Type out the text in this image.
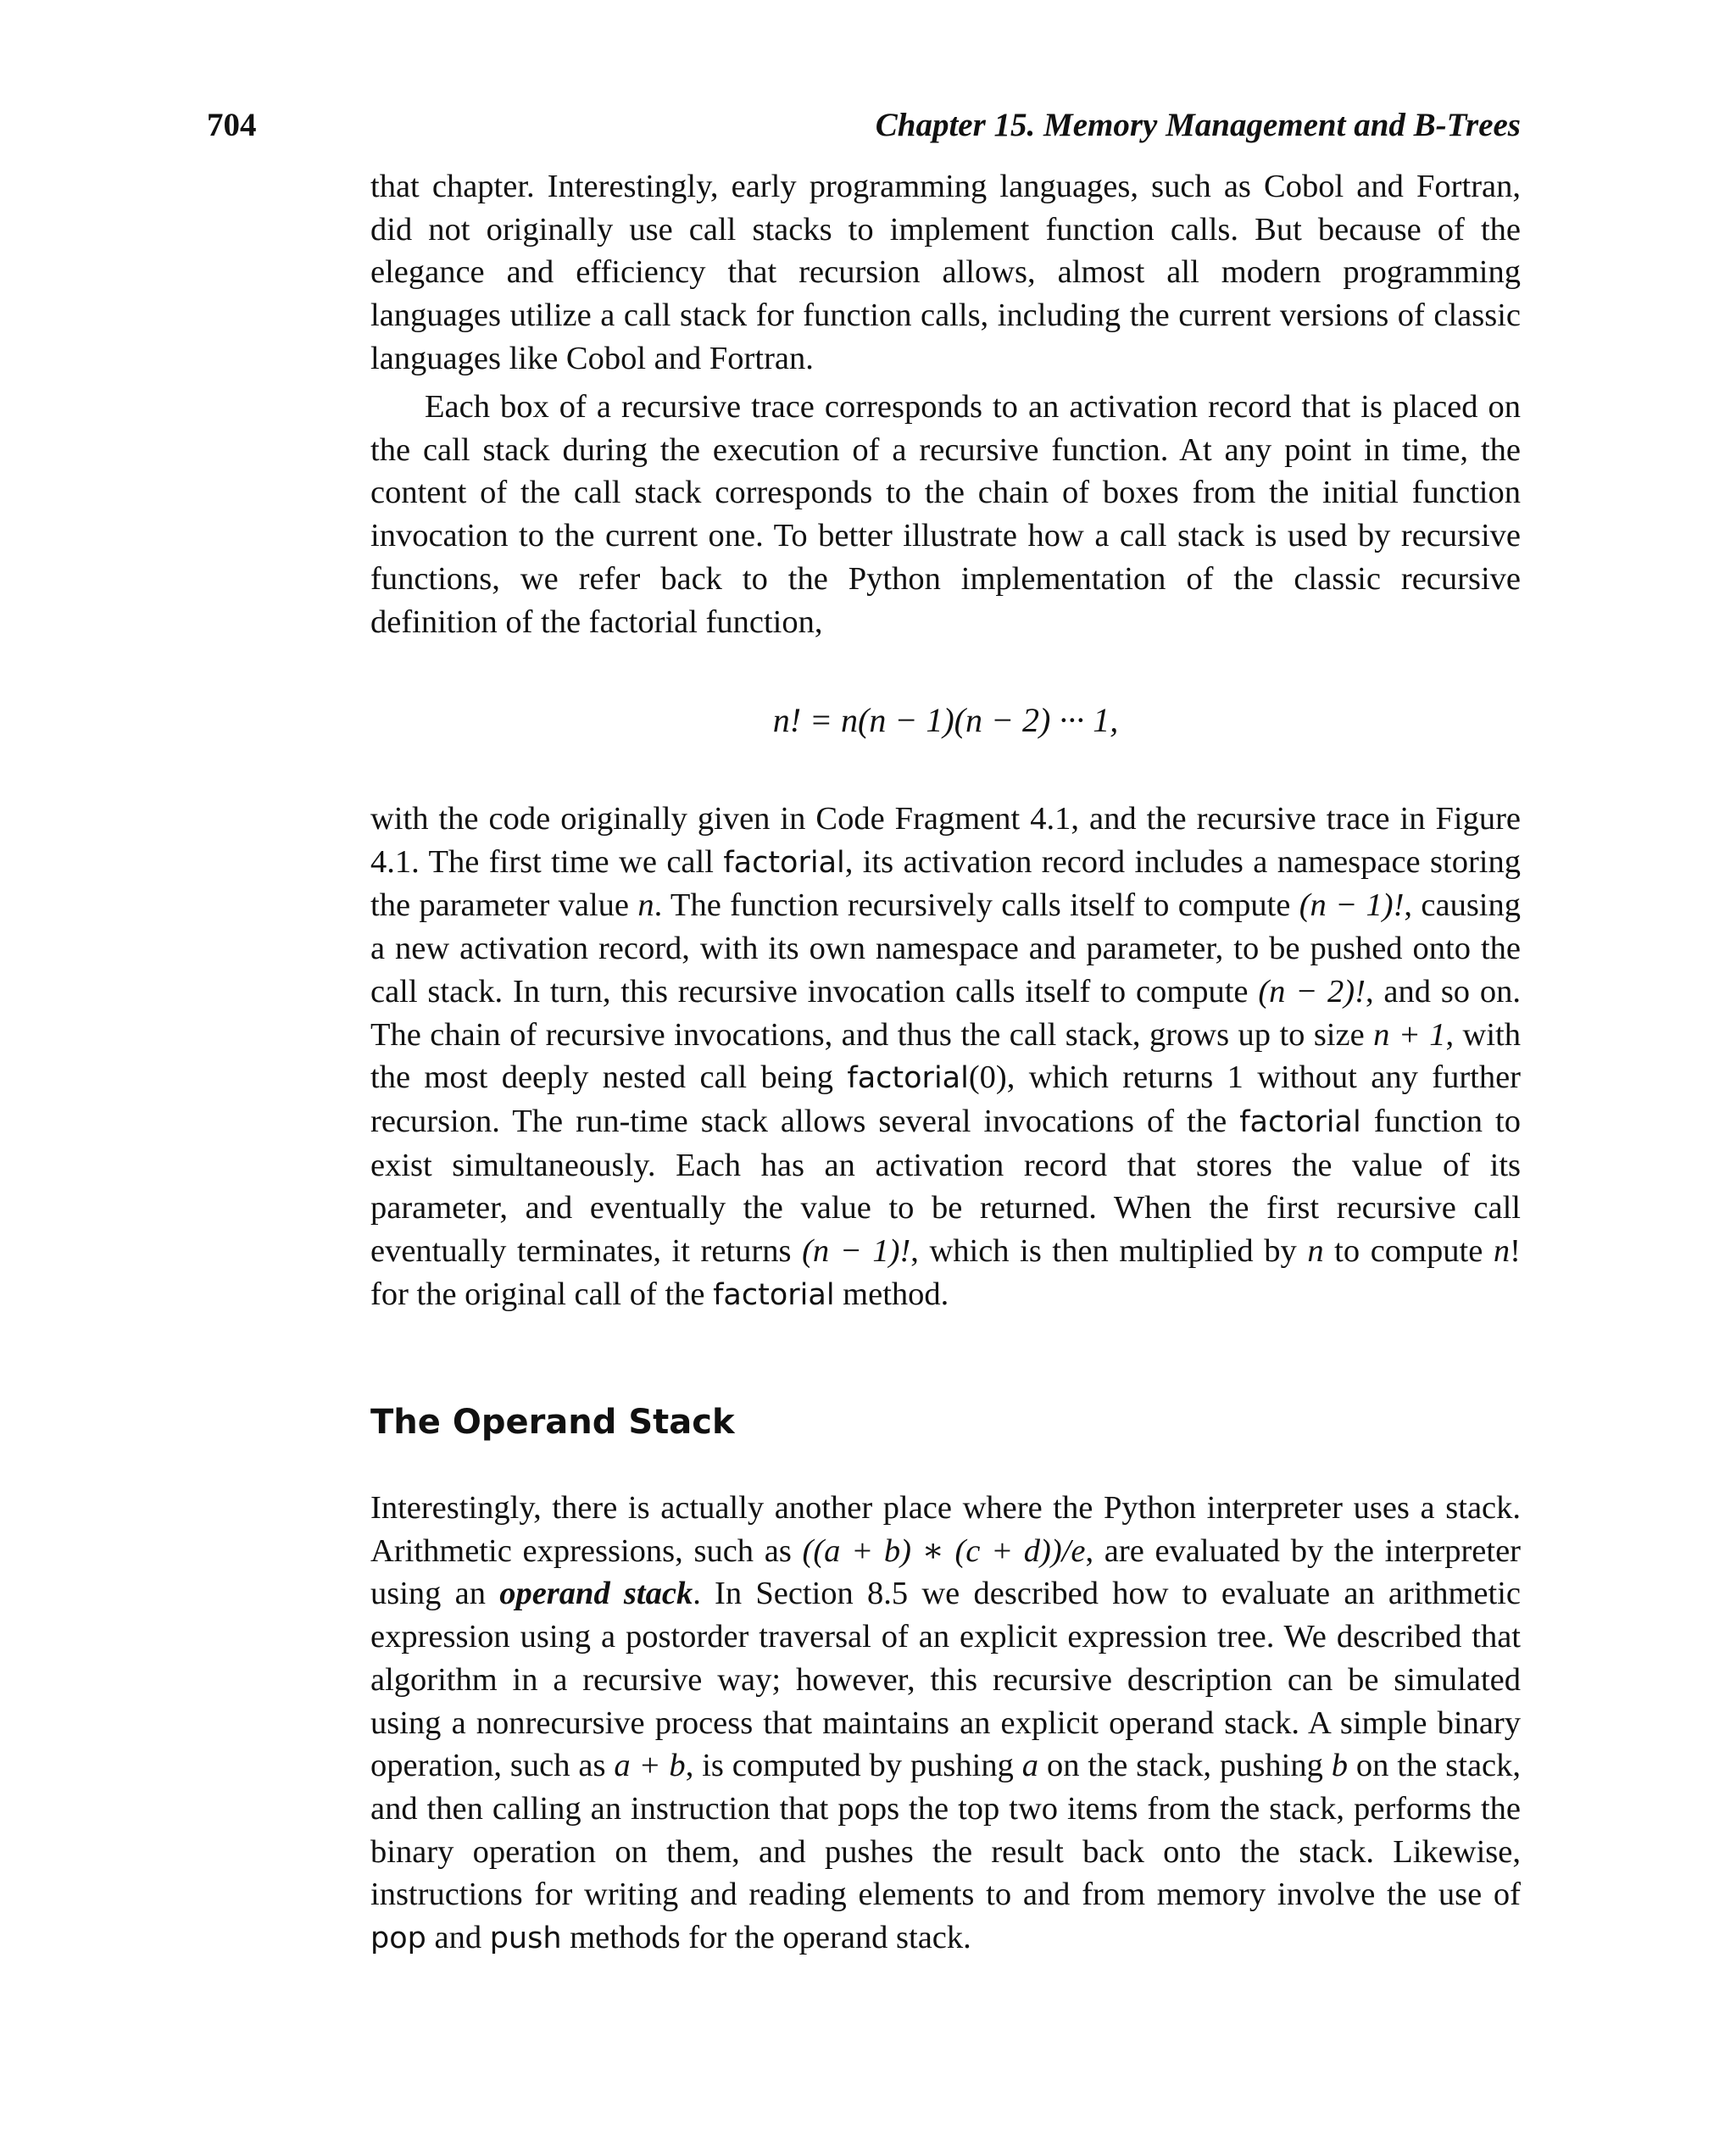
704	Chapter 15. Memory Management and B-Trees

that chapter. Interestingly, early programming languages, such as Cobol and Fortran, did not originally use call stacks to implement function calls. But because of the elegance and efficiency that recursion allows, almost all modern programming languages utilize a call stack for function calls, including the current versions of classic languages like Cobol and Fortran.

Each box of a recursive trace corresponds to an activation record that is placed on the call stack during the execution of a recursive function. At any point in time, the content of the call stack corresponds to the chain of boxes from the initial function invocation to the current one. To better illustrate how a call stack is used by recursive functions, we refer back to the Python implementation of the classic recursive definition of the factorial function,

n! = n(n − 1)(n − 2) ··· 1,

with the code originally given in Code Fragment 4.1, and the recursive trace in Figure 4.1. The first time we call factorial, its activation record includes a namespace storing the parameter value n. The function recursively calls itself to compute (n − 1)!, causing a new activation record, with its own namespace and parameter, to be pushed onto the call stack. In turn, this recursive invocation calls itself to compute (n − 2)!, and so on. The chain of recursive invocations, and thus the call stack, grows up to size n + 1, with the most deeply nested call being factorial(0), which returns 1 without any further recursion. The run-time stack allows several invocations of the factorial function to exist simultaneously. Each has an activation record that stores the value of its parameter, and eventually the value to be returned. When the first recursive call eventually terminates, it returns (n − 1)!, which is then multiplied by n to compute n! for the original call of the factorial method.

The Operand Stack

Interestingly, there is actually another place where the Python interpreter uses a stack. Arithmetic expressions, such as ((a + b) ∗ (c + d))/e, are evaluated by the interpreter using an operand stack. In Section 8.5 we described how to evaluate an arithmetic expression using a postorder traversal of an explicit expression tree. We described that algorithm in a recursive way; however, this recursive description can be simulated using a nonrecursive process that maintains an explicit operand stack. A simple binary operation, such as a + b, is computed by pushing a on the stack, pushing b on the stack, and then calling an instruction that pops the top two items from the stack, performs the binary operation on them, and pushes the result back onto the stack. Likewise, instructions for writing and reading elements to and from memory involve the use of pop and push methods for the operand stack.
